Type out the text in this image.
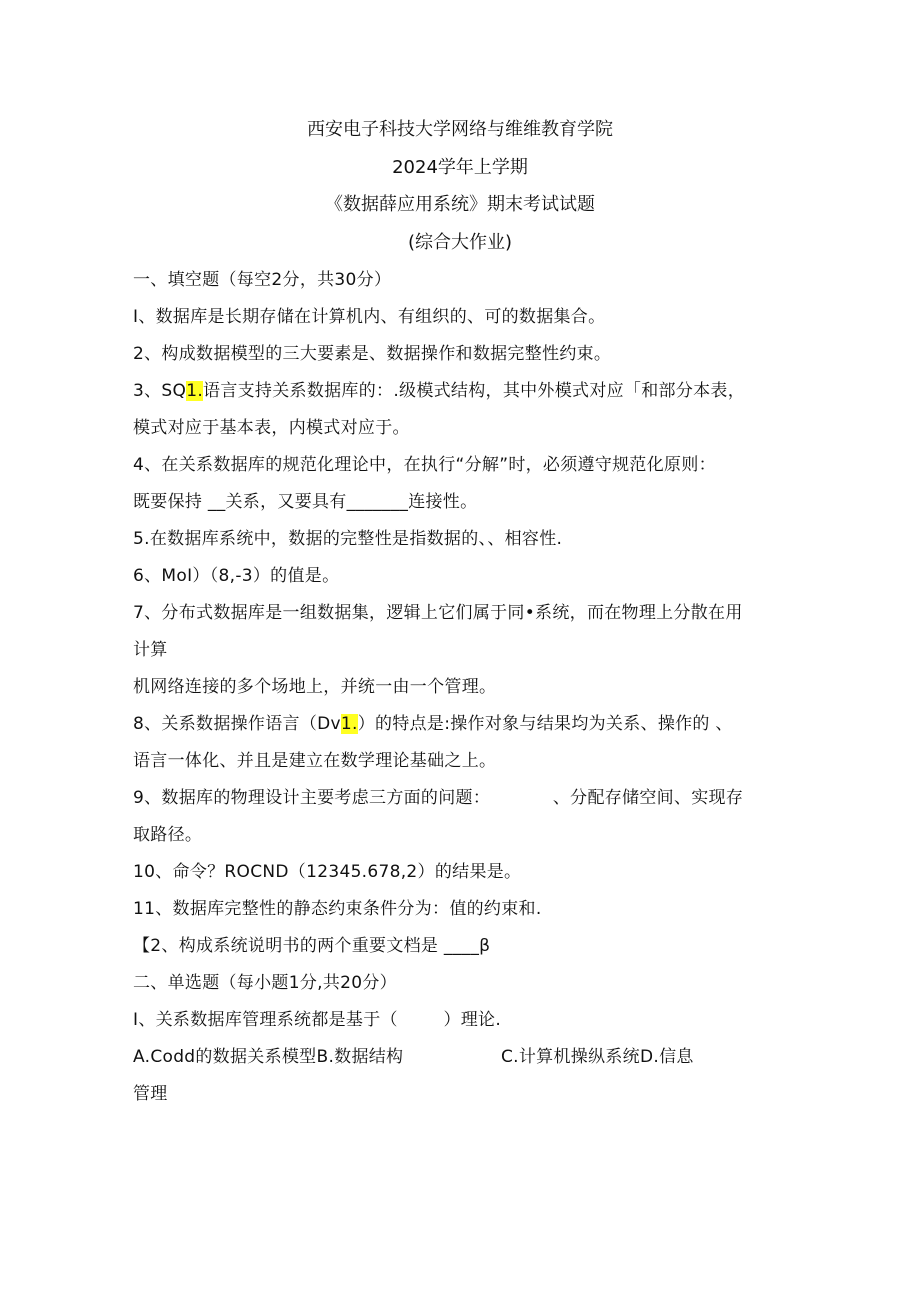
西安电子科技大学网络与维维教育学院
2024学年上学期
《数据薛应用系统》期末考试试题
(综合大作业)
一、填空题（每空2分，共30分）
I、数据库是长期存储在计算机内、有组织的、可的数据集合。
2、构成数据模型的三大要素是、数据操作和数据完整性约束。
3、SQ1.语言支持关系数据库的：.级模式结构，其中外模式对应「和部分本表，
模式对应于基本表，内模式对应于。
4、在关系数据库的规范化理论中，在执行“分解”时，必须遵守规范化原则：
既要保持 __关系，又要具有_______连接性。
5.在数据库系统中，数据的完整性是指数据的、、相容性.
6、MoI）（8,-3）的值是。
7、分布式数据库是一组数据集，逻辑上它们属于同•系统，而在物理上分散在用
计算
机网络连接的多个场地上，并统一由一个管理。
8、关系数据操作语言（Dv1.）的特点是:操作对象与结果均为关系、操作的 、
语言一体化、并且是建立在数学理论基础之上。
9、数据库的物理设计主要考虑三方面的问题：           、分配存储空间、实现存
取路径。
10、命令？ROCND（12345.678,2）的结果是。
11、数据库完整性的静态约束条件分为：值的约束和.
【2、构成系统说明书的两个重要文档是 ____β
二、单选题（每小题1分,共20分）
I、关系数据库管理系统都是基于（        ）理论.
A.Codd的数据关系模型B.数据结构	C.计算机操纵系统D.信息
管理
